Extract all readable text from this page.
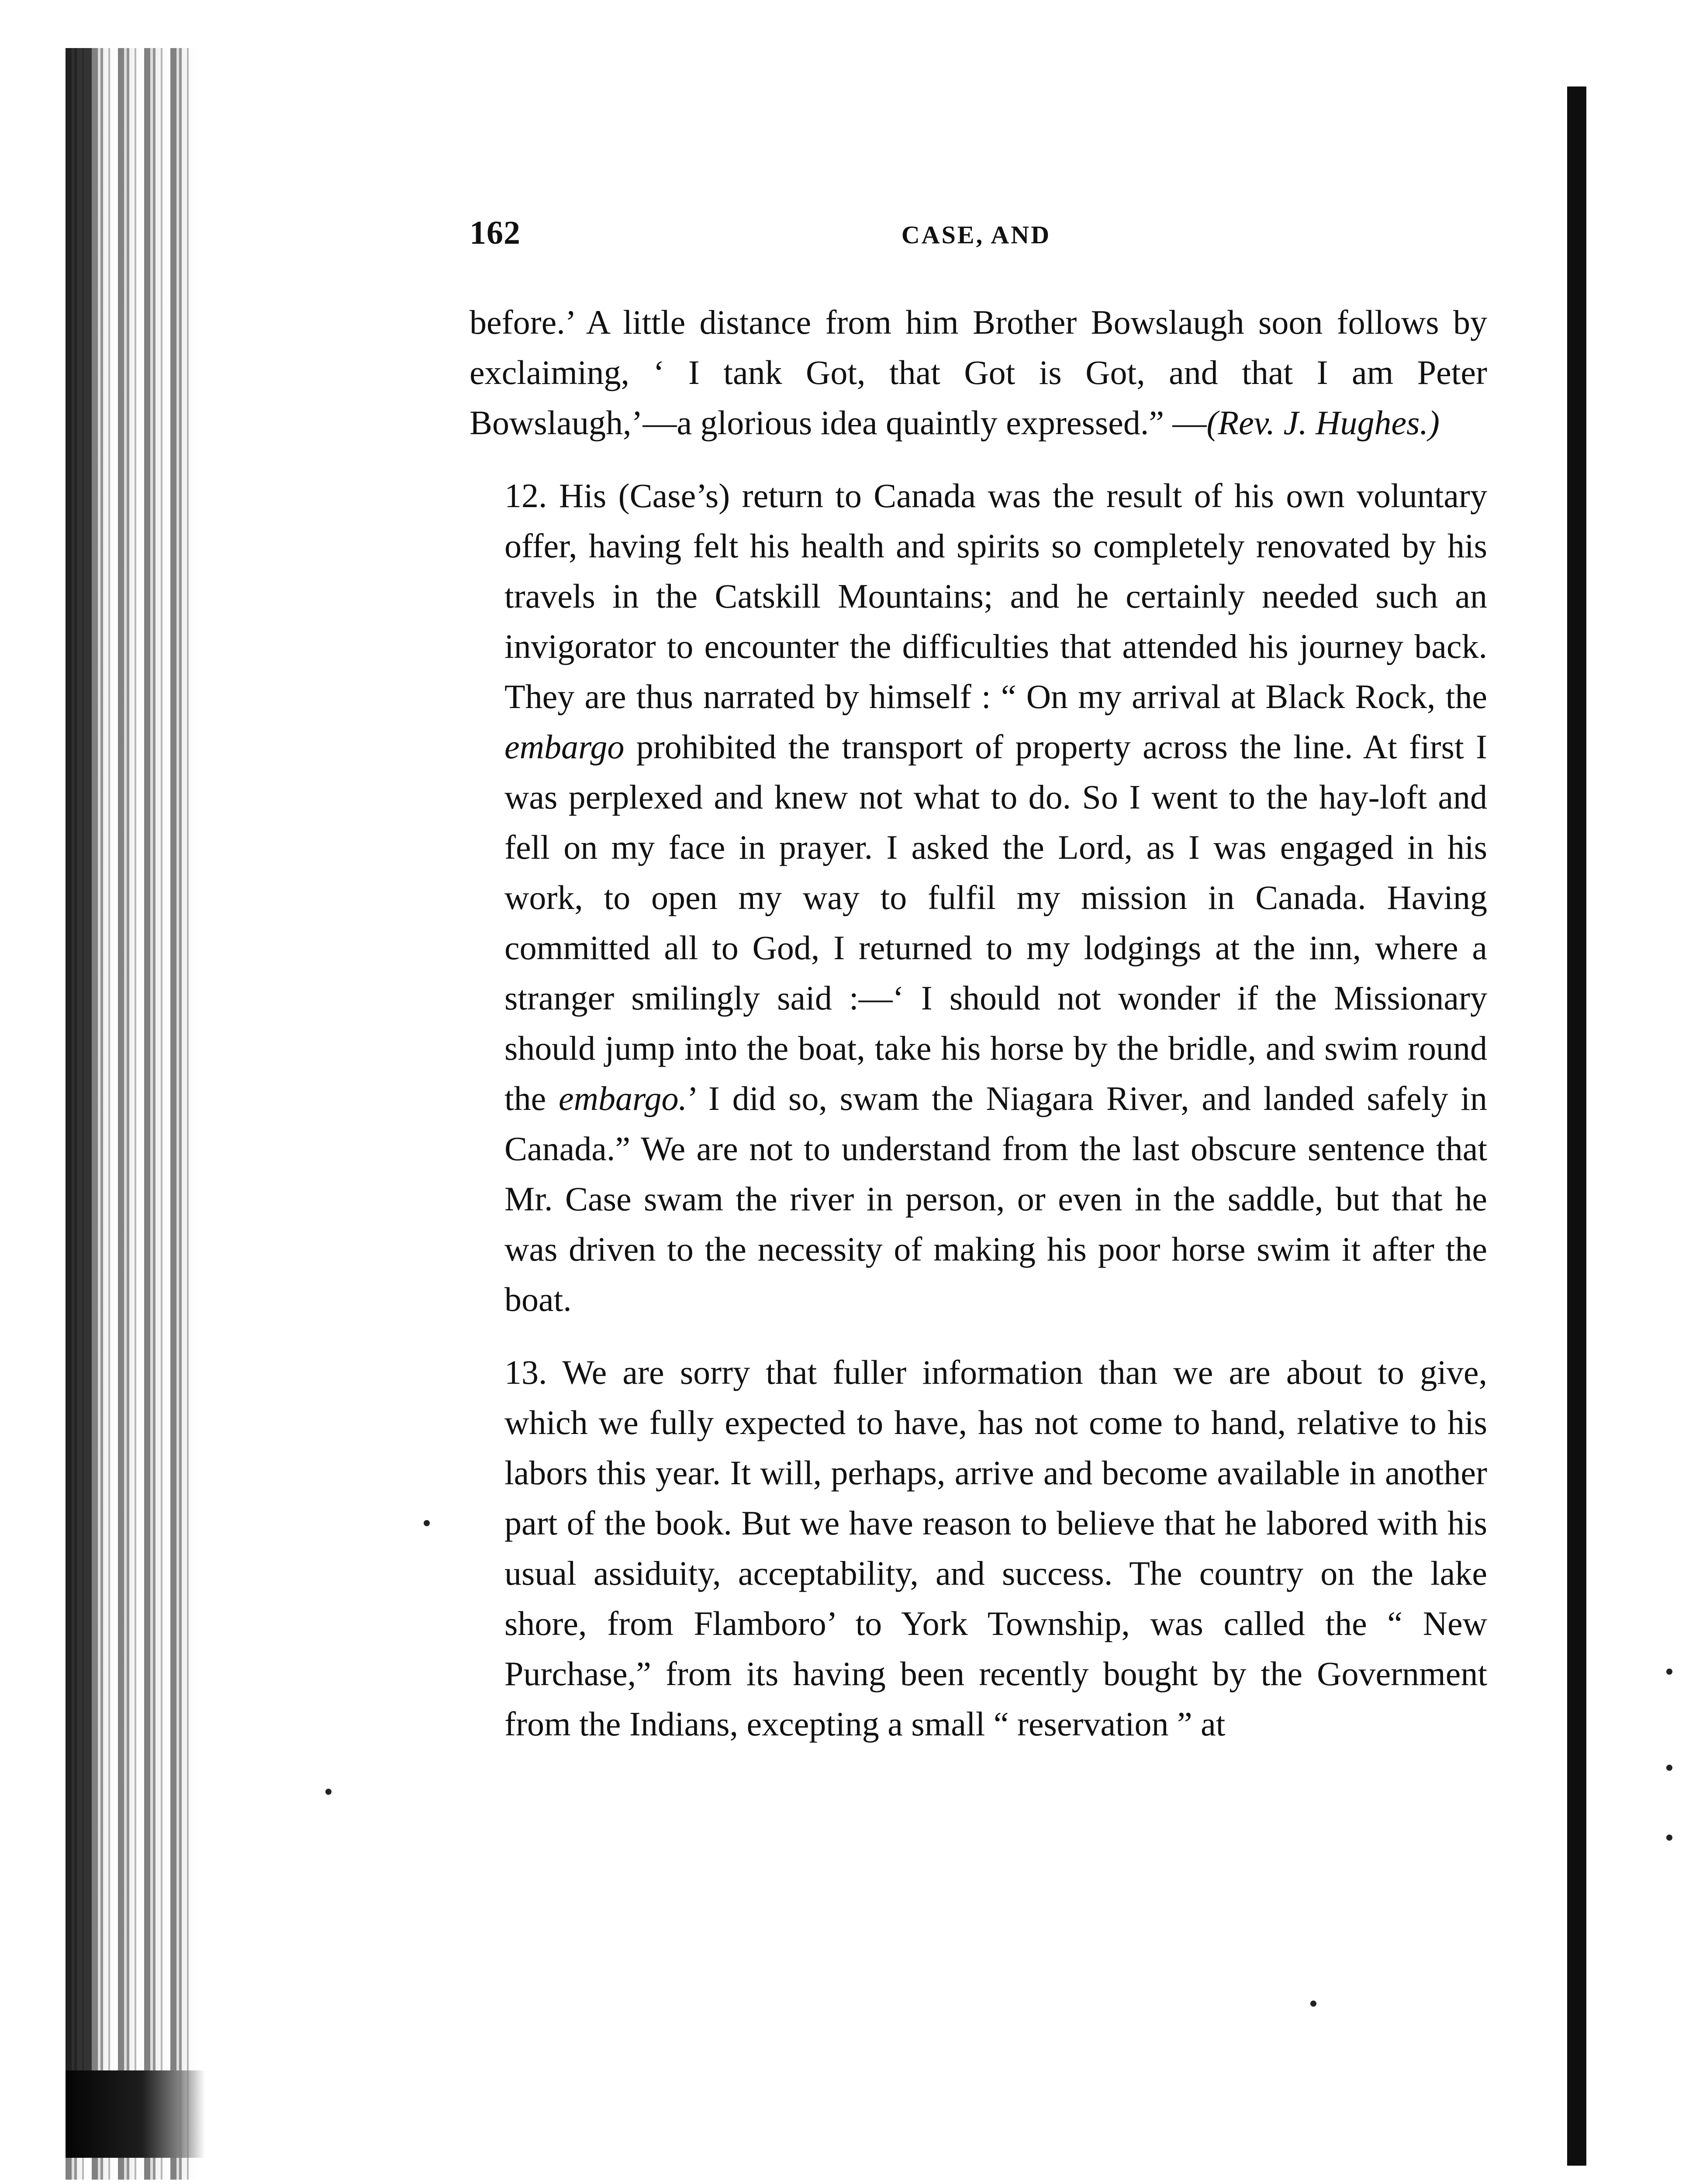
162	CASE, AND

before.’ A little distance from him Brother Bowslaugh soon follows by exclaiming, ‘ I tank Got, that Got is Got, and that I am Peter Bowslaugh,’—a glorious idea quaintly expressed.” —(Rev. J. Hughes.)

12. His (Case’s) return to Canada was the result of his own voluntary offer, having felt his health and spirits so completely renovated by his travels in the Catskill Mountains; and he certainly needed such an invigorator to encounter the difficulties that attended his journey back. They are thus narrated by himself : “ On my arrival at Black Rock, the embargo prohibited the transport of property across the line. At first I was perplexed and knew not what to do. So I went to the hay-loft and fell on my face in prayer. I asked the Lord, as I was engaged in his work, to open my way to fulfil my mission in Canada. Having committed all to God, I returned to my lodgings at the inn, where a stranger smilingly said :—‘ I should not wonder if the Missionary should jump into the boat, take his horse by the bridle, and swim round the embargo.’ I did so, swam the Niagara River, and landed safely in Canada.” We are not to understand from the last obscure sentence that Mr. Case swam the river in person, or even in the saddle, but that he was driven to the necessity of making his poor horse swim it after the boat.

13. We are sorry that fuller information than we are about to give, which we fully expected to have, has not come to hand, relative to his labors this year. It will, perhaps, arrive and become available in another part of the book. But we have reason to believe that he labored with his usual assiduity, acceptability, and success. The country on the lake shore, from Flamboro’ to York Township, was called the “ New Purchase,” from its having been recently bought by the Government from the Indians, excepting a small “ reservation ” at
